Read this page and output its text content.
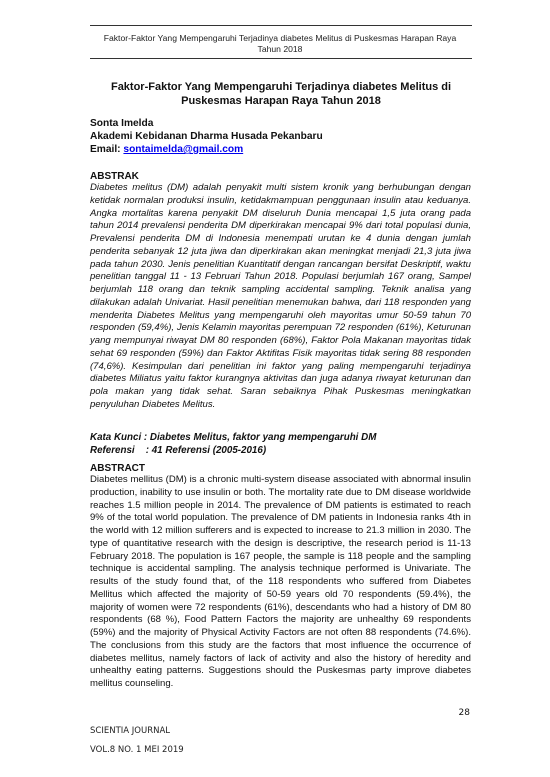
Faktor-Faktor Yang Mempengaruhi Terjadinya diabetes Melitus di Puskesmas Harapan Raya
Tahun 2018
Faktor-Faktor Yang Mempengaruhi Terjadinya diabetes Melitus di
Puskesmas Harapan Raya Tahun 2018
Sonta Imelda
Akademi Kebidanan Dharma Husada Pekanbaru
Email: sontaimelda@gmail.com
ABSTRAK
Diabetes melitus (DM) adalah penyakit multi sistem kronik yang berhubungan dengan ketidak normalan produksi insulin, ketidakmampuan penggunaan insulin atau keduanya. Angka mortalitas karena penyakit DM diseluruh Dunia mencapai 1,5 juta orang pada tahun 2014 prevalensi penderita DM diperkirakan mencapai 9% dari total populasi dunia, Prevalensi penderita DM di Indonesia menempati urutan ke 4 dunia dengan jumlah penderita sebanyak 12 juta jiwa dan diperkirakan akan meningkat menjadi 21,3 juta jiwa pada tahun 2030. Jenis penelitian Kuantitatif dengan rancangan bersifat Deskriptif, waktu penelitian tanggal 11 - 13 Februari Tahun 2018. Populasi berjumlah 167 orang, Sampel berjumlah 118 orang dan teknik sampling accidental sampling. Teknik analisa yang dilakukan adalah Univariat. Hasil penelitian menemukan bahwa, dari 118 responden yang menderita Diabetes Melitus yang mempengaruhi oleh mayoritas umur 50-59 tahun 70 responden (59,4%), Jenis Kelamin mayoritas perempuan 72 responden (61%), Keturunan yang mempunyai riwayat DM 80 responden (68%), Faktor Pola Makanan mayoritas tidak sehat 69 responden (59%) dan Faktor Aktifitas Fisik mayoritas tidak sering 88 responden (74,6%). Kesimpulan dari penelitian ini faktor yang paling mempengaruhi terjadinya diabetes Miliatus yaitu faktor kurangnya aktivitas dan juga adanya riwayat keturunan dan pola makan yang tidak sehat. Saran sebaiknya Pihak Puskesmas meningkatkan penyuluhan Diabetes Melitus.
Kata Kunci : Diabetes Melitus, faktor yang mempengaruhi DM
Referensi : 41 Referensi (2005-2016)
ABSTRACT
Diabetes mellitus (DM) is a chronic multi-system disease associated with abnormal insulin production, inability to use insulin or both. The mortality rate due to DM disease worldwide reaches 1.5 million people in 2014. The prevalence of DM patients is estimated to reach 9% of the total world population. The prevalence of DM patients in Indonesia ranks 4th in the world with 12 million sufferers and is expected to increase to 21.3 million in 2030. The type of quantitative research with the design is descriptive, the research period is 11-13 February 2018. The population is 167 people, the sample is 118 people and the sampling technique is accidental sampling. The analysis technique performed is Univariate. The results of the study found that, of the 118 respondents who suffered from Diabetes Mellitus which affected the majority of 50-59 years old 70 respondents (59.4%), the majority of women were 72 respondents (61%), descendants who had a history of DM 80 respondents (68 %), Food Pattern Factors the majority are unhealthy 69 respondents (59%) and the majority of Physical Activity Factors are not often 88 respondents (74.6%). The conclusions from this study are the factors that most influence the occurrence of diabetes mellitus, namely factors of lack of activity and also the history of heredity and unhealthy eating patterns. Suggestions should the Puskesmas party improve diabetes mellitus counseling.
28
SCIENTIA JOURNAL
VOL.8 NO. 1 MEI 2019
